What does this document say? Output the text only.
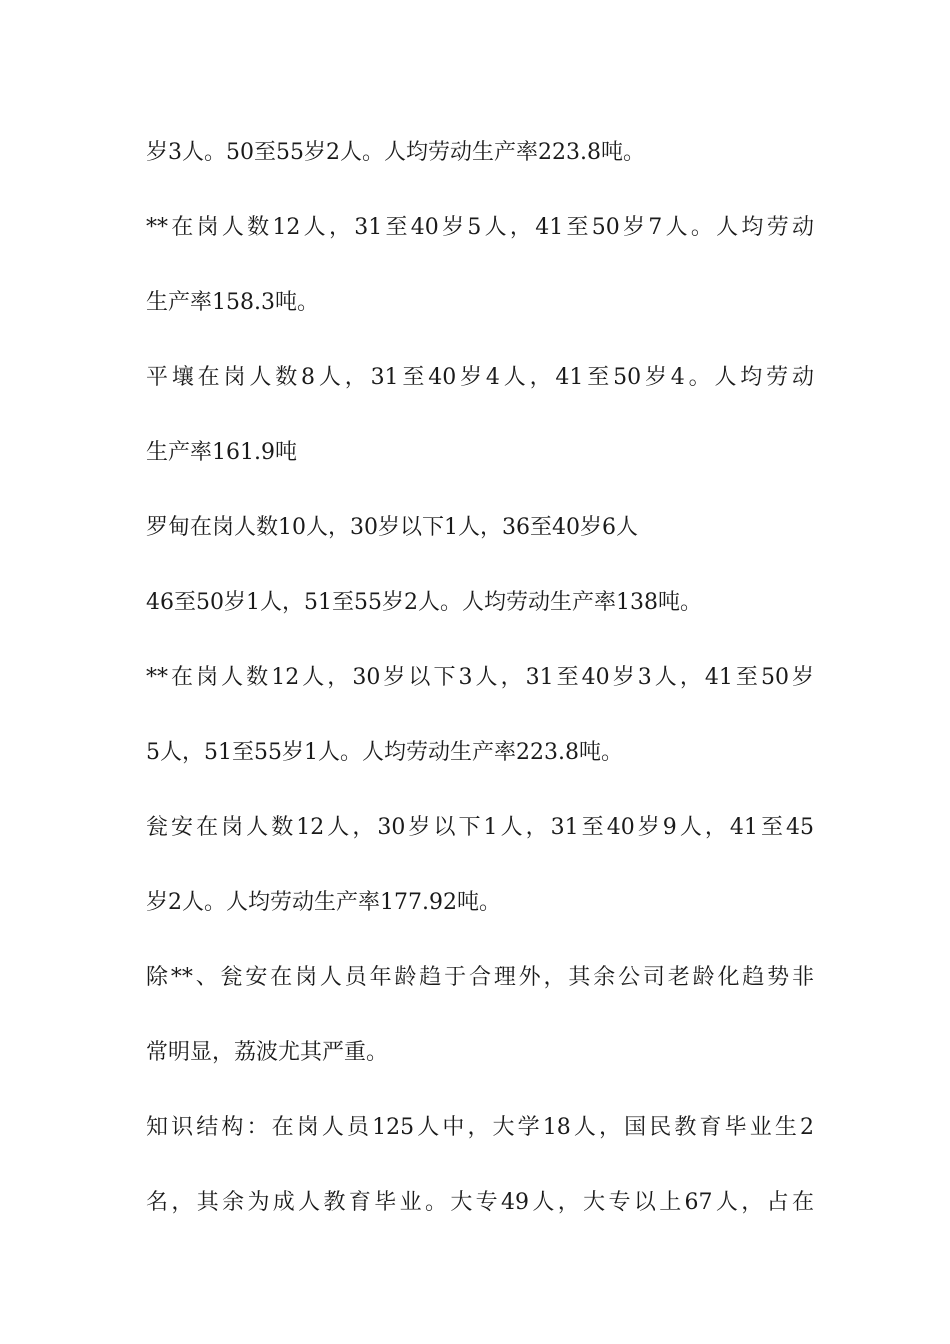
岁3人。50至55岁2人。人均劳动生产率223.8吨。
**在岗人数12人，31至40岁5人，41至50岁7人。人均劳动
生产率158.3吨。
平壤在岗人数8人，31至40岁4人，41至50岁4。人均劳动
生产率161.9吨
罗甸在岗人数10人，30岁以下1人，36至40岁6人
46至50岁1人，51至55岁2人。人均劳动生产率138吨。
**在岗人数12人，30岁以下3人，31至40岁3人，41至50岁
5人，51至55岁1人。人均劳动生产率223.8吨。
瓮安在岗人数12人，30岁以下1人，31至40岁9人，41至45
岁2人。人均劳动生产率177.92吨。
除**、瓮安在岗人员年龄趋于合理外，其余公司老龄化趋势非
常明显，荔波尤其严重。
知识结构：在岗人员125人中，大学18人，国民教育毕业生2
名，其余为成人教育毕业。大专49人，大专以上67人，占在
